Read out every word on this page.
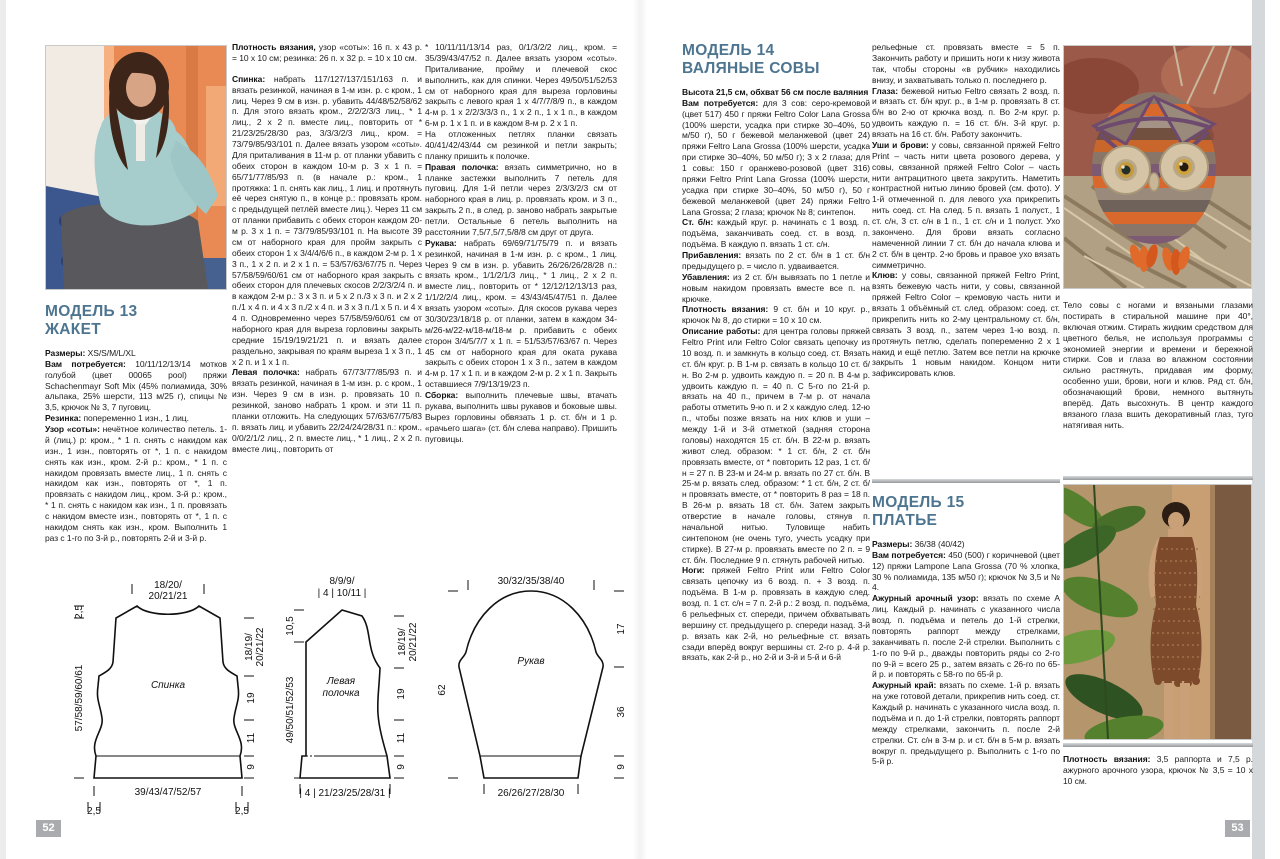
МОДЕЛЬ 13
ЖАКЕТ

Размеры: XS/S/M/L/XL

Вам потребуется: 10/11/12/13/14 мотков голубой (цвет 00065 pool) пряжи Schachenmayr Soft Mix (45% полиамида, 30% альпака, 25% шерсти, 113 м/25 г), спицы № 3,5, крючок № 3, 7 пуговиц.

Резинка: попеременно 1 изн., 1 лиц.

Узор «соты»: нечётное количество петель. 1-й (лиц.) р: кром., * 1 п. снять с накидом как изн., 1 изн., повторять от *, 1 п. с накидом снять как изн., кром. 2-й р.: кром., * 1 п. с накидом провязать вместе лиц., 1 п. снять с накидом как изн., повторять от *, 1 п. провязать с накидом лиц., кром. 3-й р.: кром., * 1 п. снять с накидом как изн., 1 п. провязать с накидом вместе изн., повторять от *, 1 п. с накидом снять как изн., кром. Выполнить 1 раз с 1-го по 3-й р., повторять 2-й и 3-й р.

Плотность вязания, узор «соты»: 16 п. х 43 р. = 10 х 10 см; резинка: 26 п. х 32 р. = 10 х 10 см.

Спинка: набрать 117/127/137/151/163 п. и вязать резинкой, начиная в 1-м изн. р. с кром., 1 лиц. Через 9 см в изн. р. убавить 44/48/52/58/62 п. Для этого вязать кром., 2/2/2/3/3 лиц., * 1 лиц., 2 х 2 п. вместе лиц., повторить от * 21/23/25/28/30 раз, 3/3/3/2/3 лиц., кром. = 73/79/85/93/101 п. Далее вязать узором «соты». Для приталивания в 11-м р. от планки убавить с обеих сторон в каждом 10-м р. 3 х 1 п. = 65/71/77/85/93 п. (в начале р.: кром., 1 протяжка: 1 п. снять как лиц., 1 лиц. и протянуть её через снятую п., в конце р.: провязать кром. с предыдущей петлёй вместе лиц.). Через 11 см от планки прибавить с обеих сторон каждом 20-м р. 3 х 1 п. = 73/79/85/93/101 п. На высоте 39 см от наборного края для пройм закрыть с обеих сторон 1 х 3/4/4/6/6 п., в каждом 2-м р. 1 х 3 п., 1 х 2 п. и 2 х 1 п. = 53/57/63/67/75 п. Через 57/58/59/60/61 см от наборного края закрыть с обеих сторон для плечевых скосов 2/2/3/2/4 п. и в каждом 2-м р.: 3 х 3 п. и 5 х 2 п./3 х 3 п. и 2 х 2 п./1 х 4 п. и 4 х 3 п./2 х 4 п. и 3 х 3 п./1 х 5 п. и 4 х 4 п. Одновременно через 57/58/59/60/61 см от наборного края для выреза горловины закрыть средние 15/19/19/21/21 п. и вязать далее раздельно, закрывая по краям выреза 1 х 3 п., 1 х 2 п. и 1 х 1 п.

Левая полочка: набрать 67/73/77/85/93 п. и вязать резинкой, начиная в 1-м изн. р. с кром., 1 изн. Через 9 см в изн. р. провязать 10 п. резинкой, заново набрать 1 кром. и эти 11 п. планки отложить. На следующих 57/63/67/75/83 п. вязать лиц. и убавить 22/24/24/28/31 п.: кром., 0/0/2/1/2 лиц., 2 п. вместе лиц., * 1 лиц., 2 х 2 п. вместе лиц., повторить от

* 10/11/11/13/14 раз, 0/1/3/2/2 лиц., кром. = 35/39/43/47/52 п. Далее вязать узором «соты». Приталивание, пройму и плечевой скос выполнить, как для спинки. Через 49/50/51/52/53 см от наборного края для выреза горловины закрыть с левого края 1 х 4/7/7/8/9 п., в каждом 4-м р. 1 х 2/2/3/3/3 п., 1 х 2 п., 1 х 1 п., в каждом 6-м р. 1 х 1 п. и в каждом 8-м р. 2 х 1 п.

На отложенных петлях планки связать 40/41/42/43/44 см резинкой и петли закрыть; планку пришить к полочке.

Правая полочка: вязать симметрично, но в планке застежки выполнить 7 петель для пуговиц. Для 1-й петли через 2/3/3/2/3 см от наборного края в лиц. р. провязать кром. и 3 п., закрыть 2 п., в след. р. заново набрать закрытые петли. Остальные 6 петель выполнить на расстоянии 7,5/7,5/7,5/8/8 см друг от друга.

Рукава: набрать 69/69/71/75/79 п. и вязать резинкой, начиная в 1-м изн. р. с кром., 1 лиц. Через 9 см в изн. р. убавить 26/26/26/28/28 п.: вязать кром., 1/1/2/1/3 лиц., * 1 лиц., 2 х 2 п. вместе лиц., повторить от * 12/12/12/13/13 раз, 1/1/2/2/4 лиц., кром. = 43/43/45/47/51 п. Далее вязать узором «соты». Для скосов рукава через 30/30/23/18/18 р. от планки, затем в каждом 34-м/26-м/22-м/18-м/18-м р. прибавить с обеих сторон 3/4/5/7/7 х 1 п. = 51/53/57/63/67 п. Через 45 см от наборного края для оката рукава закрыть с обеих сторон 1 х 3 п., затем в каждом 4-м р. 17 х 1 п. и в каждом 2-м р. 2 х 1 п. Закрыть оставшиеся 7/9/13/19/23 п.

Сборка: выполнить плечевые швы, втачать рукава, выполнить швы рукавов и боковые швы. Вырез горловины обвязать 1 р. ст. б/н и 1 р. «рачьего шага» (ст. б/н слева направо). Пришить пуговицы.

18/20/
20/21/21
2,5
57/58/59/60/61
18/19/ 20/21/22
19
11
9
39/43/47/52/57
2,5	2,5
Спинка
8/9/9/
| 4 | 10/11 |
10,5
49/50/51/52/53
18/19/ 20/21/22
19
11
9
| 4 | 21/23/25/28/31 |
Левая
полочка
30/32/35/38/40
62
17
36
9
26/26/27/28/30
Рукав
МОДЕЛЬ 14
ВАЛЯНЫЕ СОВЫ

Высота 21,5 см, обхват 56 см после валяния

Вам потребуется: для 3 сов: серо-кремовой (цвет 517) 450 г пряжи Feltro Color Lana Grossa (100% шерсти, усадка при стирке 30–40%, 50 м/50 г), 50 г бежевой меланжевой (цвет 24) пряжи Feltro Lana Grossa (100% шерсти, усадка при стирке 30–40%, 50 м/50 г); 3 х 2 глаза; для 1 совы: 150 г оранжево-розовой (цвет 316) пряжи Feltro Print Lana Grossa (100% шерсти, усадка при стирке 30–40%, 50 м/50 г), 50 г бежевой меланжевой (цвет 24) пряжи Feltro Lana Grossa; 2 глаза; крючок № 8; синтепон.

Ст. б/н: каждый круг. р. начинать с 1 возд. п. подъёма, заканчивать соед. ст. в возд. п. подъёма. В каждую п. вязать 1 ст. с/н.

Прибавления: вязать по 2 ст. б/н в 1 ст. б/н предыдущего р. = число п. удваивается.

Убавления: из 2 ст. б/н вывязать по 1 петле и новым накидом провязать вместе все п. на крючке.

Плотность вязания: 9 ст. б/н и 10 круг. р., крючок № 8, до стирки = 10 х 10 см.

Описание работы: для центра головы пряжей Feltro Print или Feltro Color связать цепочку из 10 возд. п. и замкнуть в кольцо соед. ст. Вязать ст. б/н круг. р. В 1-м р. связать в кольцо 10 ст. б/н. Во 2-м р. удвоить каждую п. = 20 п. В 4-м р. удвоить каждую п. = 40 п. С 5-го по 21-й р. вязать на 40 п., причем в 7-м р. от начала работы отметить 9-ю п. и 2 х каждую след. 12-ю п., чтобы позже вязать на них клюв и уши – между 1-й и 3-й отметкой (задняя сторона головы) находятся 15 ст. б/н. В 22-м р. вязать живот след. образом: * 1 ст. б/н, 2 ст. б/н провязать вместе, от * повторить 12 раз, 1 ст. б/н = 27 п. В 23-м и 24-м р. вязать по 27 ст. б/н. В 25-м р. вязать след. образом: * 1 ст. б/н, 2 ст. б/н провязать вместе, от * повторить 8 раз = 18 п. В 26-м р. вязать 18 ст. б/н. Затем закрыть отверстие в начале головы, стянув п. начальной нитью. Туловище набить синтепоном (не очень туго, учесть усадку при стирке). В 27-м р. провязать вместе по 2 п. = 9 ст. б/н. Последние 9 п. стянуть рабочей нитью.

Ноги: пряжей Feltro Print или Feltro Color связать цепочку из 6 возд. п. + 3 возд. п. подъёма. В 1-м р. провязать в каждую след. возд. п. 1 ст. с/н = 7 п. 2-й р.: 2 возд. п. подъёма, 6 рельефных ст. спереди, причем обхватывать вершину ст. предыдущего р. спереди назад. 3-й р. вязать как 2-й, но рельефные ст. вязать сзади вперёд вокруг вершины ст. 2-го р. 4-й р. вязать, как 2-й р., но 2-й и 3-й и 5-й и 6-й

рельефные ст. провязать вместе = 5 п. Закончить работу и пришить ноги к низу живота так, чтобы стороны «в рубчик» находились внизу, и захватывать только п. последнего р.

Глаза: бежевой нитью Feltro связать 2 возд. п. и вязать ст. б/н круг. р., в 1-м р. провязать 8 ст. б/н во 2-ю от крючка возд. п. Во 2-м круг. р. удвоить каждую п. = 16 ст. б/н. 3-й круг. р. вязать на 16 ст. б/н. Работу закончить.

Уши и брови: у совы, связанной пряжей Feltro Print – часть нити цвета розового дерева, у совы, связанной пряжей Feltro Color – часть нити антрацитного цвета закрутить. Наметить контрастной нитью линию бровей (см. фото). У 1-й отмеченной п. для левого уха прикрепить нить соед. ст. На след. 5 п. вязать 1 полуст., 1 ст. с/н, 3 ст. с/н в 1 п., 1 ст. с/н и 1 полуст. Ухо закончено. Для брови вязать согласно намеченной линии 7 ст. б/н до начала клюва и 2 ст. б/н в центр. 2-ю бровь и правое ухо вязать симметрично.

Клюв: у совы, связанной пряжей Feltro Print, взять бежевую часть нити, у совы, связанной пряжей Feltro Color – кремовую часть нити и вязать 1 объёмный ст. след. образом: соед. ст. прикрепить нить ко 2-му центральному ст. б/н, связать 3 возд. п., затем через 1-ю возд. п. протянуть петлю, сделать попеременно 2 х 1 накид и ещё петлю. Затем все петли на крючке закрыть 1 новым накидом. Концом нити зафиксировать клюв.

МОДЕЛЬ 15
ПЛАТЬЕ

Размеры: 36/38 (40/42)

Вам потребуется: 450 (500) г коричневой (цвет 12) пряжи Lampone Lana Grossa (70 % хлопка, 30 % полиамида, 135 м/50 г); крючок № 3,5 и № 4.

Ажурный арочный узор: вязать по схеме А лиц. Каждый р. начинать с указанного числа возд. п. подъёма и петель до 1-й стрелки, повторять раппорт между стрелками, заканчивать п. после 2-й стрелки. Выполнить с 1-го по 9-й р., дважды повторить ряды со 2-го по 9-й = всего 25 р., затем вязать с 26-го по 65-й р. и повторять с 58-го по 65-й р.

Ажурный край: вязать по схеме. 1-й р. вязать на уже готовой детали, прикрепив нить соед. ст. Каждый р. начинать с указанного числа возд. п. подъёма и п. до 1-й стрелки, повторять раппорт между стрелками, закончить п. после 2-й стрелки. Ст. с/н в 3-м р. и ст. б/н в 5-м р. вязать вокруг п. предыдущего р. Выполнить с 1-го по 5-й р.

Тело совы с ногами и вязаными глазами постирать в стиральной машине при 40°, включая отжим. Стирать жидким средством для цветного белья, не используя программы с экономией энергии и времени и бережной стирки. Сов и глаза во влажном состоянии сильно растянуть, придавая им форму, особенно уши, брови, ноги и клюв. Ряд ст. б/н, обозначающий брови, немного вытянуть вперёд. Дать высохнуть. В центр каждого вязаного глаза вшить декоративный глаз, туго натягивая нить.

Плотность вязания: 3,5 раппорта и 7,5 р. ажурного арочного узора, крючок № 3,5 = 10 х 10 см.

52	53
